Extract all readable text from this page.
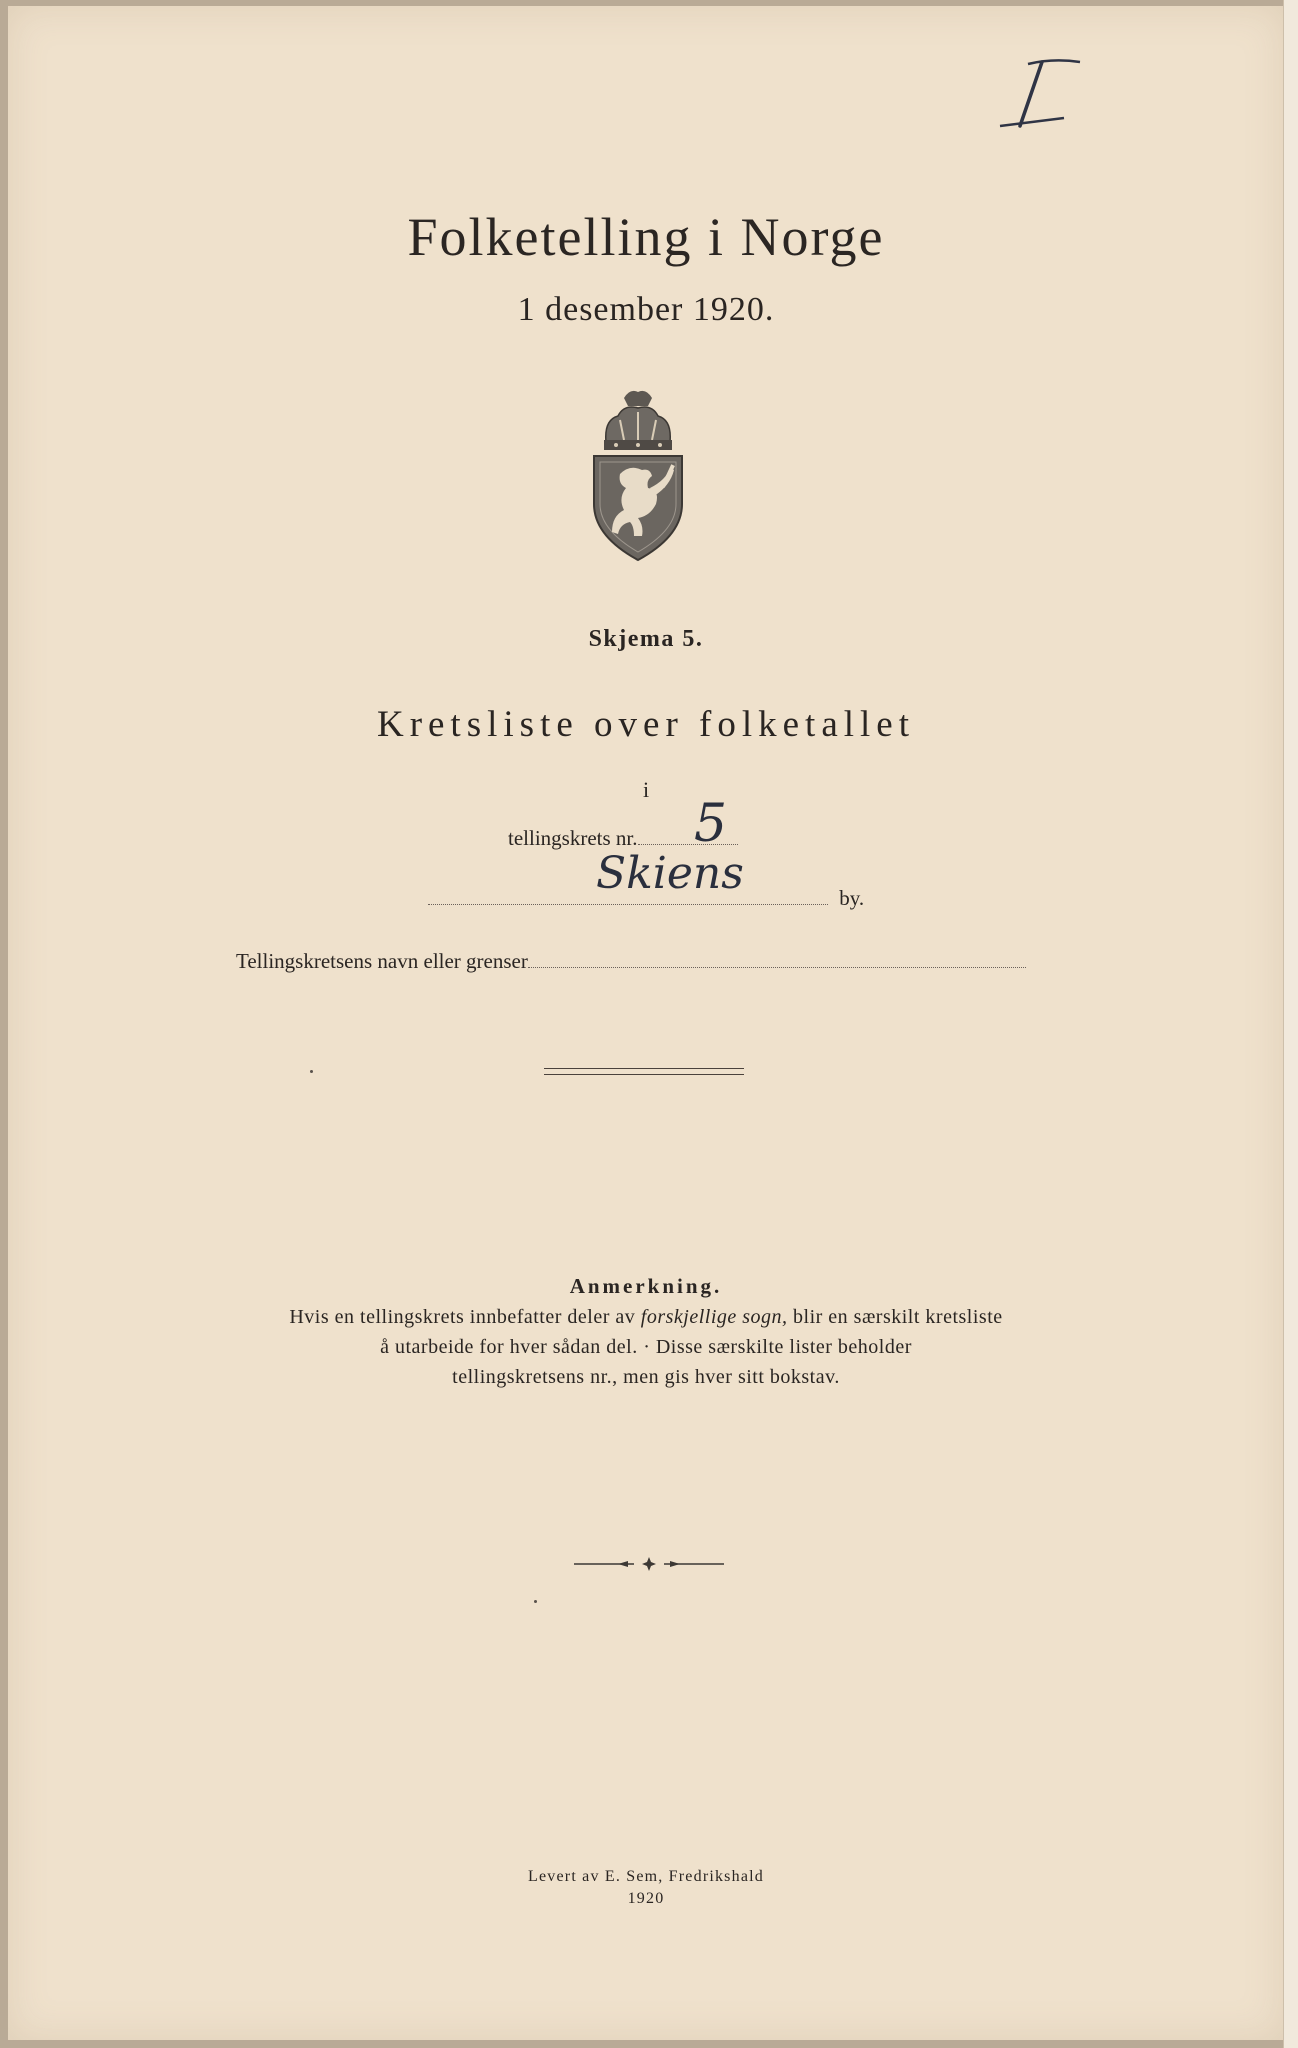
Folketelling i Norge
1 desember 1920.
Skjema 5.
Kretsliste over folketallet
i
tellingskrets nr. 5
by.
Skiens
Tellingskretsens navn eller grenser
Anmerkning.

Hvis en tellingskrets innbefatter deler av forskjellige sogn, blir en særskilt kretsliste

å utarbeide for hver sådan del. · Disse særskilte lister beholder

tellingskretsens nr., men gis hver sitt bokstav.

Levert av E. Sem, Fredrikshald
1920
